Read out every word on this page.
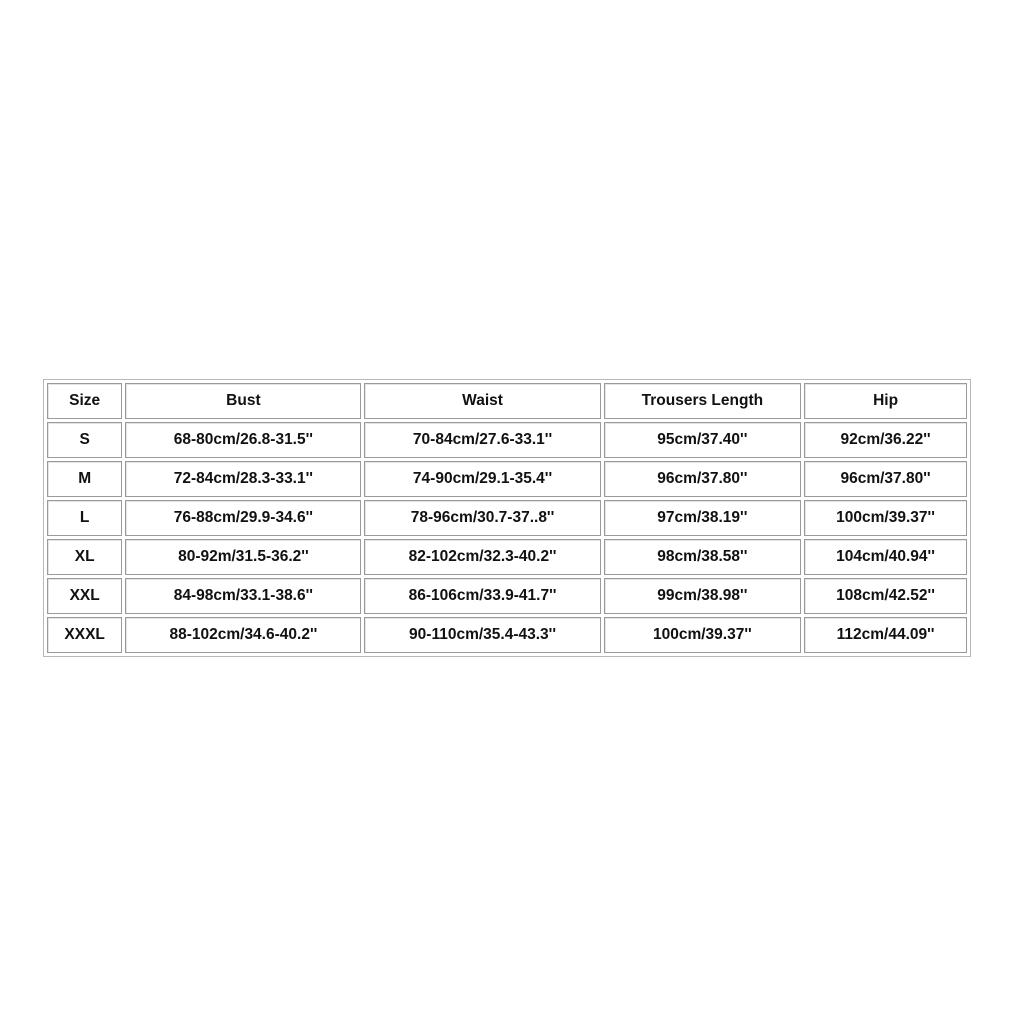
Size	Bust	Waist	Trousers Length	Hip
S	68-80cm/26.8-31.5''	70-84cm/27.6-33.1''	95cm/37.40''	92cm/36.22''
M	72-84cm/28.3-33.1''	74-90cm/29.1-35.4''	96cm/37.80''	96cm/37.80''
L	76-88cm/29.9-34.6''	78-96cm/30.7-37..8''	97cm/38.19''	100cm/39.37''
XL	80-92m/31.5-36.2''	82-102cm/32.3-40.2''	98cm/38.58''	104cm/40.94''
XXL	84-98cm/33.1-38.6''	86-106cm/33.9-41.7''	99cm/38.98''	108cm/42.52''
XXXL	88-102cm/34.6-40.2''	90-110cm/35.4-43.3''	100cm/39.37''	112cm/44.09''
